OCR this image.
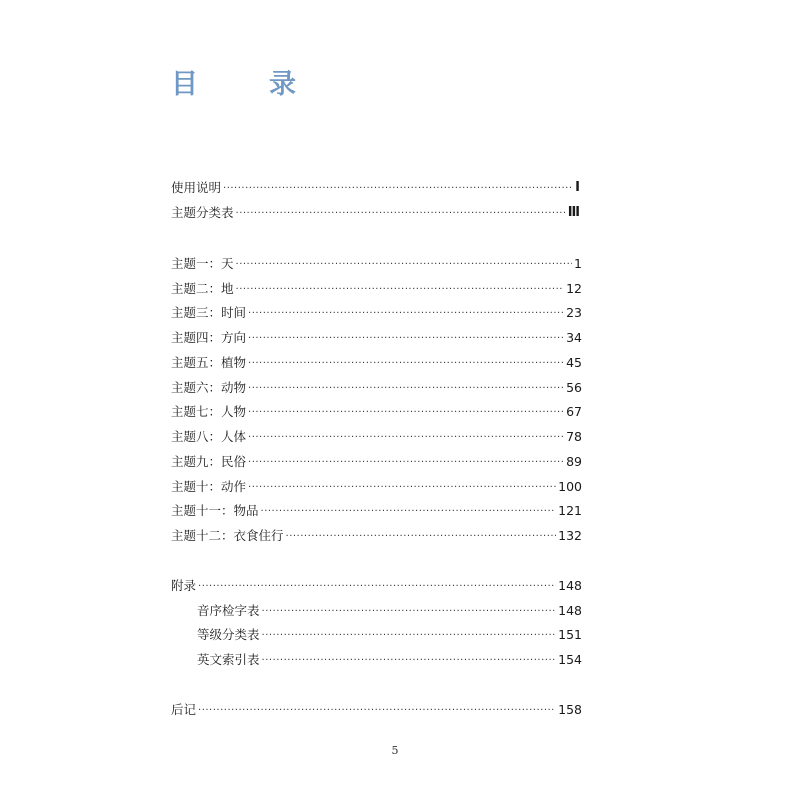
目　录
使用说明 ·····	Ⅰ
主题分类表 ·····	Ⅲ
主题一：天 ·····	1
主题二：地 ·····	12
主题三：时间 ·····	23
主题四：方向 ·····	34
主题五：植物 ·····	45
主题六：动物 ·····	56
主题七：人物 ·····	67
主题八：人体 ·····	78
主题九：民俗 ·····	89
主题十：动作 ·····	100
主题十一：物品 ·····	121
主题十二：衣食住行 ·····	132
附录 ·····	148
音序检字表 ·····	148
等级分类表 ·····	151
英文索引表 ·····	154
后记 ·····	158
5
